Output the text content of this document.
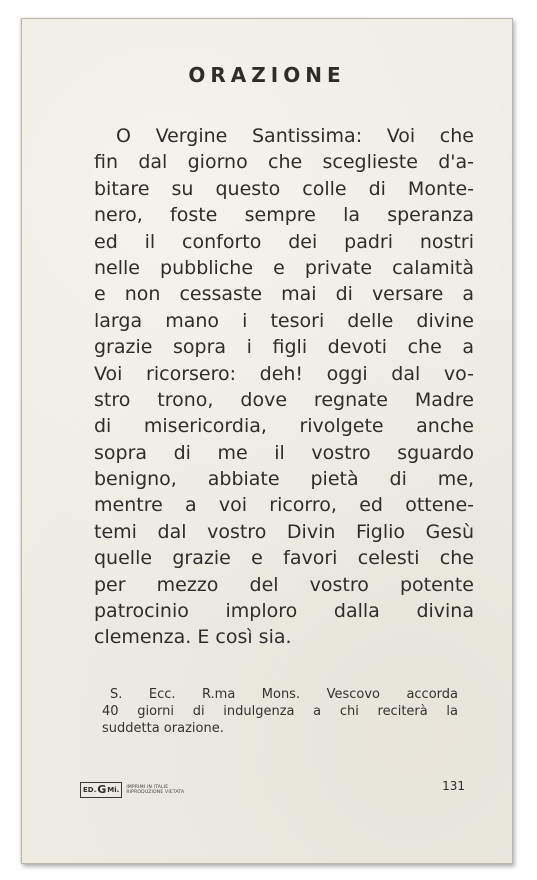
ORAZIONE
O Vergine Santissima: Voi che
fin dal giorno che sceglieste d'a-
bitare su questo colle di Monte-
nero, foste sempre la speranza
ed il conforto dei padri nostri
nelle pubbliche e private calamità
e non cessaste mai di versare a
larga mano i tesori delle divine
grazie sopra i figli devoti che a
Voi ricorsero: deh! oggi dal vo-
stro trono, dove regnate Madre
di misericordia, rivolgete anche
sopra di me il vostro sguardo
benigno, abbiate pietà di me,
mentre a voi ricorro, ed ottene-
temi dal vostro Divin Figlio Gesù
quelle grazie e favori celesti che
per mezzo del vostro potente
patrocinio imploro dalla divina
clemenza. E così sia.
S. Ecc. R.ma Mons. Vescovo accorda
40 giorni di indulgenza a chi reciterà la
suddetta orazione.
ED. G Mi. IMPRIMI IN ITALIE
RIPRODUZIONE VIETATA	131
